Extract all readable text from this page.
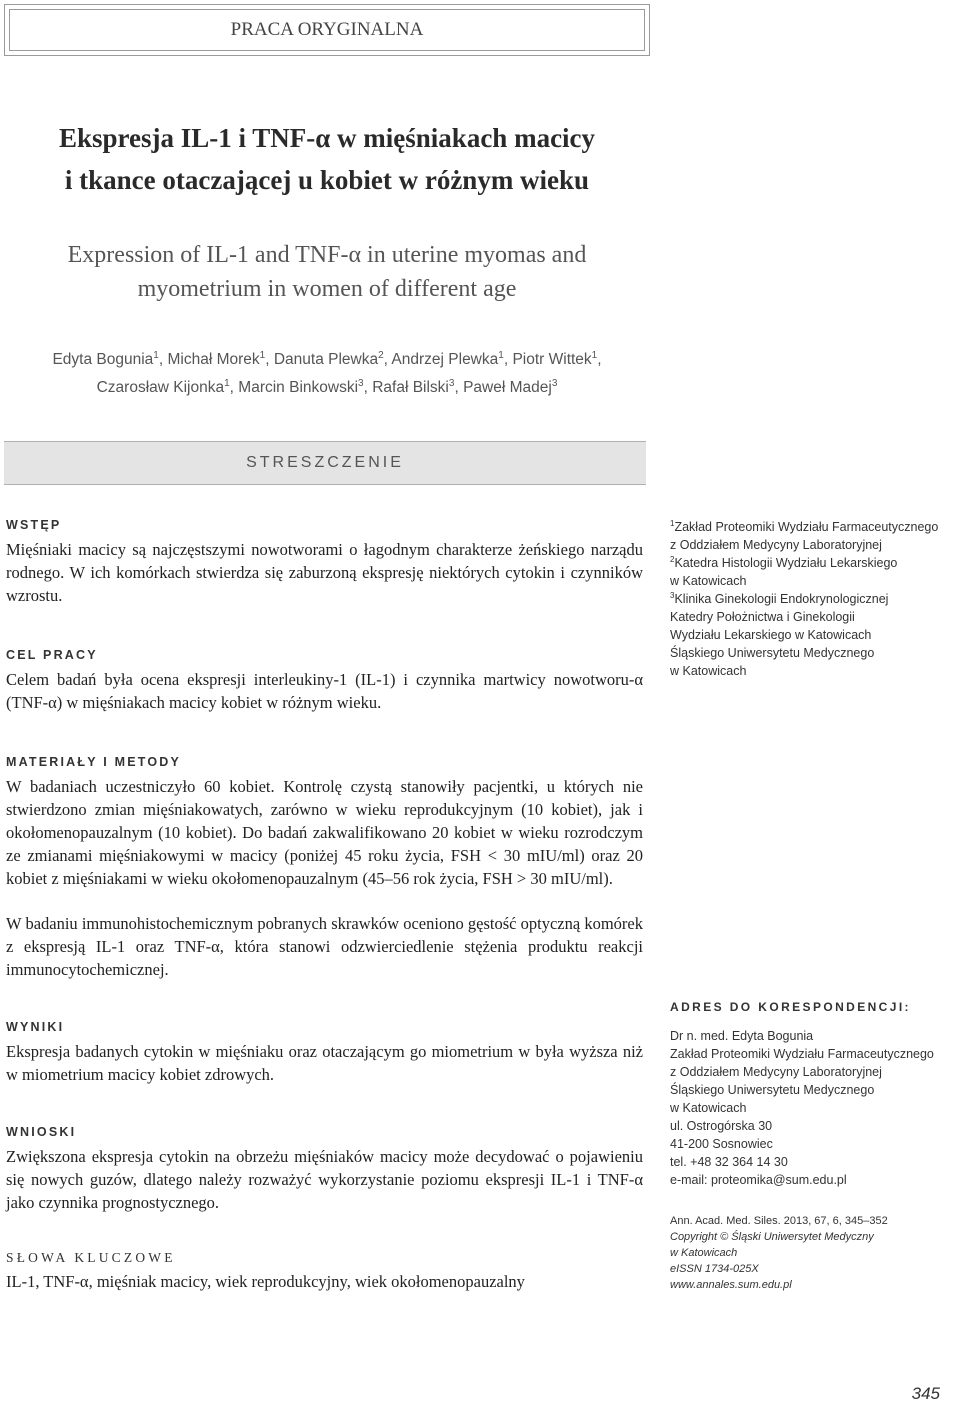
PRACA ORYGINALNA
Ekspresja IL-1 i TNF-α w mięśniakach macicy
i tkance otaczającej u kobiet w różnym wieku
Expression of IL-1 and TNF-α in uterine myomas and
myometrium in women of different age
Edyta Bogunia$^1$, Michał Morek$^1$, Danuta Plewka$^2$, Andrzej Plewka$^1$, Piotr Wittek$^1$,
Czarosław Kijonka$^1$, Marcin Binkowski$^3$, Rafał Bilski$^3$, Paweł Madej$^3$
STRESZCZENIE
WSTĘP
Mięśniaki macicy są najczęstszymi nowotworami o łagodnym charakterze żeńskiego narządu rodnego. W ich komórkach stwierdza się zaburzoną ekspresję niektórych cytokin i czynników wzrostu.
CEL PRACY
Celem badań była ocena ekspresji interleukiny-1 (IL-1) i czynnika martwicy nowotworu-α (TNF-α) w mięśniakach macicy kobiet w różnym wieku.
MATERIAŁY I METODY
W badaniach uczestniczyło 60 kobiet. Kontrolę czystą stanowiły pacjentki, u których nie stwierdzono zmian mięśniakowatych, zarówno w wieku reprodukcyjnym (10 kobiet), jak i okołomenopauzalnym (10 kobiet). Do badań zakwalifikowano 20 kobiet w wieku rozrodczym ze zmianami mięśniakowymi w macicy (poniżej 45 roku życia, FSH < 30 mIU/ml) oraz 20 kobiet z mięśniakami w wieku okołomenopauzalnym (45–56 rok życia, FSH > 30 mIU/ml).
W badaniu immunohistochemicznym pobranych skrawków oceniono gęstość optyczną komórek z ekspresją IL-1 oraz TNF-α, która stanowi odzwierciedlenie stężenia produktu reakcji immunocytochemicznej.
WYNIKI
Ekspresja badanych cytokin w mięśniaku oraz otaczającym go miometrium w była wyższa niż w miometrium macicy kobiet zdrowych.
WNIOSKI
Zwiększona ekspresja cytokin na obrzeżu mięśniaków macicy może decydować o pojawieniu się nowych guzów, dlatego należy rozważyć wykorzystanie poziomu ekspresji IL-1 i TNF-α jako czynnika prognostycznego.
SŁOWA KLUCZOWE
IL-1, TNF-α, mięśniak macicy, wiek reprodukcyjny, wiek okołomenopauzalny
$^1$Zakład Proteomiki Wydziału Farmaceutycznego
z Oddziałem Medycyny Laboratoryjnej
$^2$Katedra Histologii Wydziału Lekarskiego
w Katowicach
$^3$Klinika Ginekologii Endokrynologicznej
Katedry Położnictwa i Ginekologii
Wydziału Lekarskiego w Katowicach
Śląskiego Uniwersytetu Medycznego
w Katowicach
ADRES DO KORESPONDENCJI:
Dr n. med. Edyta Bogunia
Zakład Proteomiki Wydziału Farmaceutycznego
z Oddziałem Medycyny Laboratoryjnej
Śląskiego Uniwersytetu Medycznego
w Katowicach
ul. Ostrogórska 30
41-200 Sosnowiec
tel. +48 32 364 14 30
e-mail: proteomika@sum.edu.pl
Ann. Acad. Med. Siles. 2013, 67, 6, 345–352
Copyright © Śląski Uniwersytet Medyczny
w Katowicach
eISSN 1734-025X
www.annales.sum.edu.pl
345
